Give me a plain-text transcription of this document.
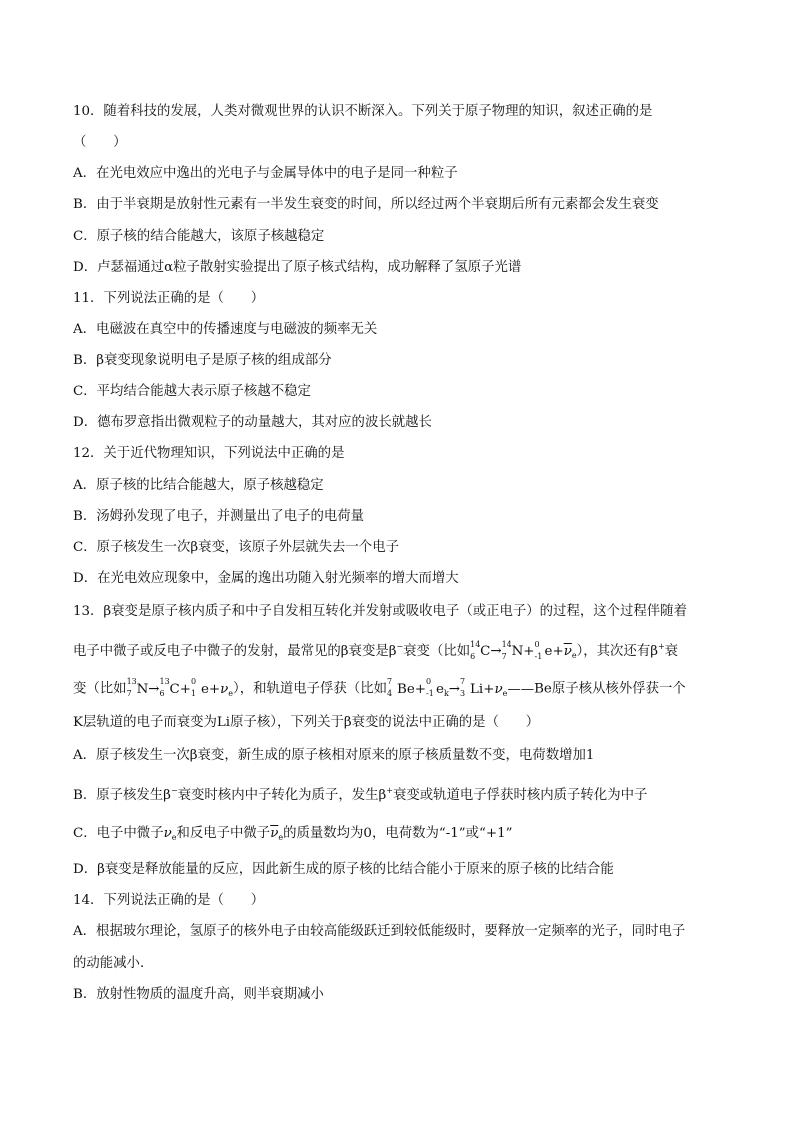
10．随着科技的发展，人类对微观世界的认识不断深入。下列关于原子物理的知识，叙述正确的是
（　　）
A．在光电效应中逸出的光电子与金属导体中的电子是同一种粒子
B．由于半衰期是放射性元素有一半发生衰变的时间，所以经过两个半衰期后所有元素都会发生衰变
C．原子核的结合能越大，该原子核越稳定
D．卢瑟福通过α粒子散射实验提出了原子核式结构，成功解释了氢原子光谱
11．下列说法正确的是（　　）
A．电磁波在真空中的传播速度与电磁波的频率无关
B．β衰变现象说明电子是原子核的组成部分
C．平均结合能越大表示原子核越不稳定
D．德布罗意指出微观粒子的动量越大，其对应的波长就越长
12．关于近代物理知识，下列说法中正确的是
A．原子核的比结合能越大，原子核越稳定
B．汤姆孙发现了电子，并测量出了电子的电荷量
C．原子核发生一次β衰变，该原子外层就失去一个电子
D．在光电效应现象中，金属的逸出功随入射光频率的增大而增大
13．β衰变是原子核内质子和中子自发相互转化并发射或吸收电子（或正电子）的过程，这个过程伴随着
电子中微子或反电子中微子的发射，最常见的β衰变是β−衰变（比如 14
6 C→ 14
7 N+ 0
-1 $e+\overline{\nu}_e$），其次还有β+衰
变（比如 13
7 N→ 13
6 C+ 0
1 $e+\nu_e$），和轨道电子俘获（比如 7
4 Be+ 0
-1 $e_k\to 7$
3 $Li+\nu_e——Be$原子核从核外俘获一个
K层轨道的电子而衰变为Li原子核），下列关于β衰变的说法中正确的是（　　）
A．原子核发生一次β衰变，新生成的原子核相对原来的原子核质量数不变，电荷数增加1
B．原子核发生β−衰变时核内中子转化为质子，发生β+衰变或轨道电子俘获时核内质子转化为中子
C．电子中微子$\nu_e$和反电子中微子$\overline{\nu}_e$的质量数均为0，电荷数为“-1”或“+1”
D．β衰变是释放能量的反应，因此新生成的原子核的比结合能小于原来的原子核的比结合能
14．下列说法正确的是（　　）
A．根据玻尔理论，氢原子的核外电子由较高能级跃迁到较低能级时，要释放一定频率的光子，同时电子
的动能减小．
B．放射性物质的温度升高，则半衰期减小
